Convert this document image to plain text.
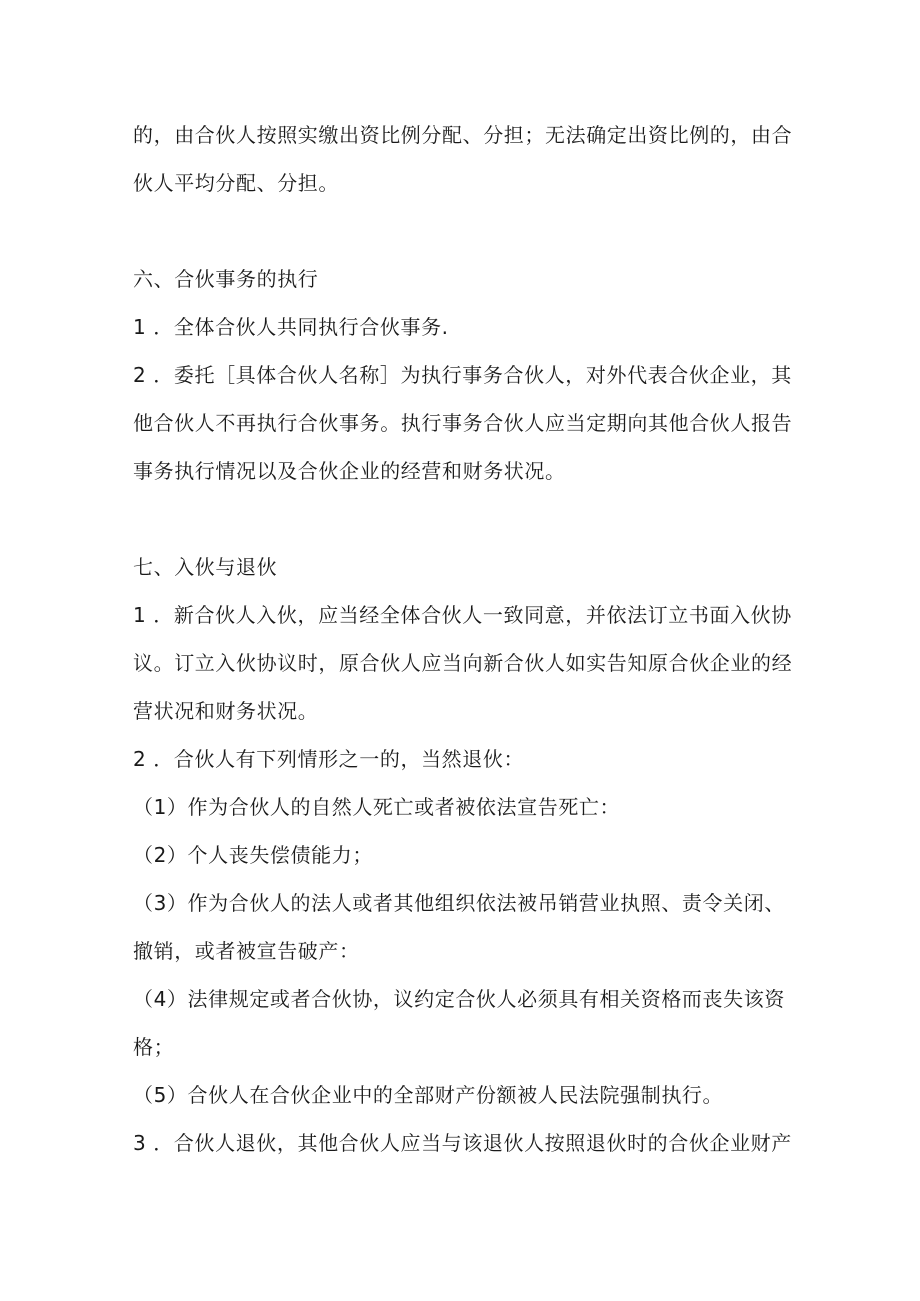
的，由合伙人按照实缴出资比例分配、分担；无法确定出资比例的，由合
伙人平均分配、分担。
六、合伙事务的执行
1 ．全体合伙人共同执行合伙事务.
2 ．委托［具体合伙人名称］为执行事务合伙人，对外代表合伙企业，其
他合伙人不再执行合伙事务。执行事务合伙人应当定期向其他合伙人报告
事务执行情况以及合伙企业的经营和财务状况。
七、入伙与退伙
1 ．新合伙人入伙，应当经全体合伙人一致同意，并依法订立书面入伙协
议。订立入伙协议时，原合伙人应当向新合伙人如实告知原合伙企业的经
营状况和财务状况。
2 ．合伙人有下列情形之一的，当然退伙：
（1）作为合伙人的自然人死亡或者被依法宣告死亡：
（2）个人丧失偿债能力；
（3）作为合伙人的法人或者其他组织依法被吊销营业执照、责令关闭、
撤销，或者被宣告破产：
（4）法律规定或者合伙协，议约定合伙人必须具有相关资格而丧失该资
格；
（5）合伙人在合伙企业中的全部财产份额被人民法院强制执行。
3 ．合伙人退伙，其他合伙人应当与该退伙人按照退伙时的合伙企业财产
